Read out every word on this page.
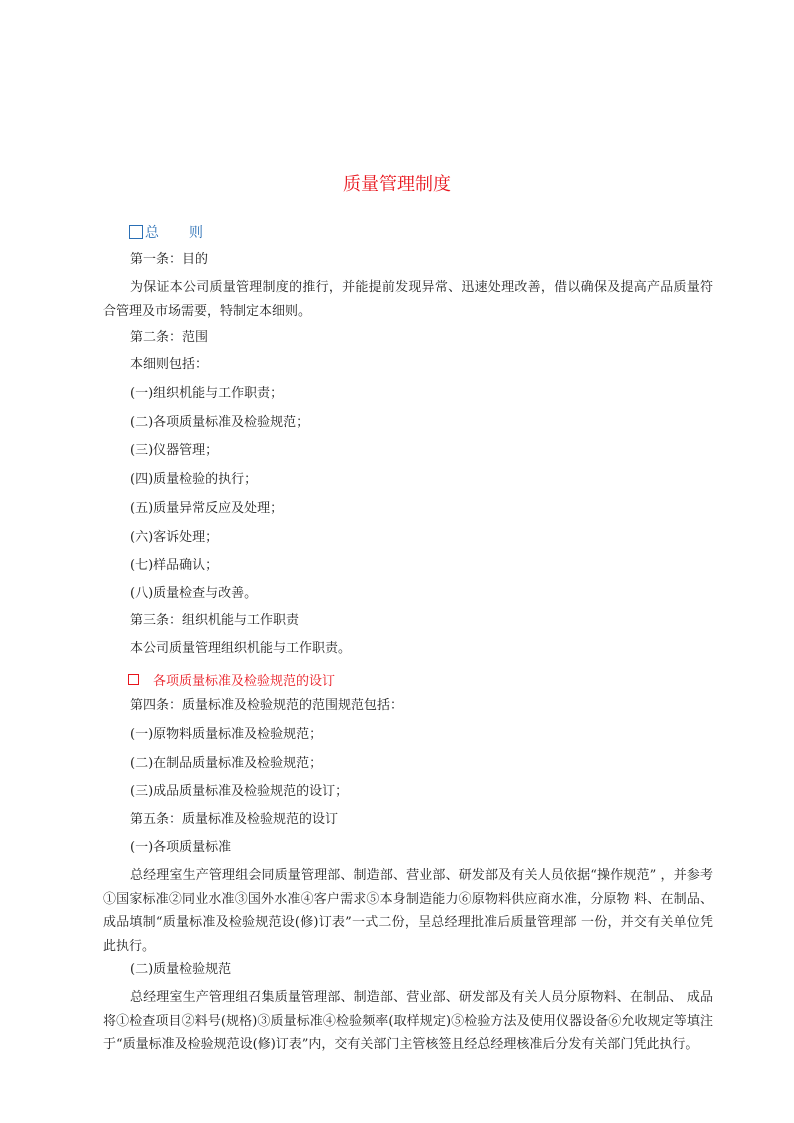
质量管理制度
总 则
第一条：目的
为保证本公司质量管理制度的推行，并能提前发现异常、迅速处理改善，借以确保及提高产品质量符合管理及市场需要，特制定本细则。
第二条：范围
本细则包括：
(一)组织机能与工作职责；
(二)各项质量标准及检验规范；
(三)仪器管理；
(四)质量检验的执行；
(五)质量异常反应及处理；
(六)客诉处理；
(七)样品确认；
(八)质量检查与改善。
第三条：组织机能与工作职责
本公司质量管理组织机能与工作职责。
各项质量标准及检验规范的设订
第四条：质量标准及检验规范的范围规范包括：
(一)原物料质量标准及检验规范；
(二)在制品质量标准及检验规范；
(三)成品质量标准及检验规范的设订；
第五条：质量标准及检验规范的设订
(一)各项质量标准
总经理室生产管理组会同质量管理部、制造部、营业部、研发部及有关人员依据“操作规范” ，并参考①国家标准②同业水准③国外水准④客户需求⑤本身制造能力⑥原物料供应商水准，分原物 料、在制品、成品填制“质量标准及检验规范设(修)订表”一式二份，呈总经理批准后质量管理部 一份，并交有关单位凭此执行。
(二)质量检验规范
总经理室生产管理组召集质量管理部、制造部、营业部、研发部及有关人员分原物料、在制品、 成品将①检查项目②料号(规格)③质量标准④检验频率(取样规定)⑤检验方法及使用仪器设备⑥允收规定等填注于“质量标准及检验规范设(修)订表”内，交有关部门主管核签且经总经理核准后分发有关部门凭此执行。
